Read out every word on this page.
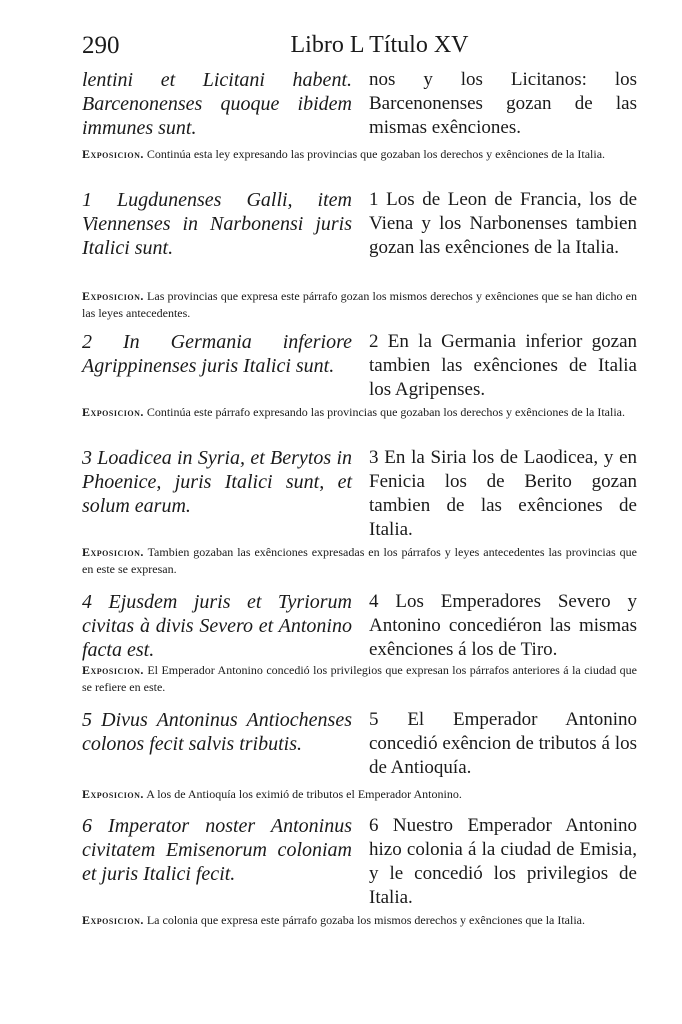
290	Libro L Título XV
lentini et Licitani habent. Barcenonenses quoque ibidem immunes sunt.
nos y los Licitanos: los Barcenonenses gozan de las mismas exênciones.
Exposicion. Continúa esta ley expresando las provincias que gozaban los derechos y exênciones de la Italia.
1 Lugdunenses Galli, item Viennenses in Narbonensi juris Italici sunt.
1 Los de Leon de Francia, los de Viena y los Narbonenses tambien gozan las exênciones de la Italia.
Exposicion. Las provincias que expresa este párrafo gozan los mismos derechos y exênciones que se han dicho en las leyes antecedentes.
2 In Germania inferiore Agrippinenses juris Italici sunt.
2 En la Germania inferior gozan tambien las exênciones de Italia los Agripenses.
Exposicion. Continúa este párrafo expresando las provincias que gozaban los derechos y exênciones de la Italia.
3 Loadicea in Syria, et Berytos in Phoenice, juris Italici sunt, et solum earum.
3 En la Siria los de Laodicea, y en Fenicia los de Berito gozan tambien de las exênciones de Italia.
Exposicion. Tambien gozaban las exênciones expresadas en los párrafos y leyes antecedentes las provincias que en este se expresan.
4 Ejusdem juris et Tyriorum civitas à divis Severo et Antonino facta est.
4 Los Emperadores Severo y Antonino concediéron las mismas exênciones á los de Tiro.
Exposicion. El Emperador Antonino concedió los privilegios que expresan los párrafos anteriores á la ciudad que se refiere en este.
5 Divus Antoninus Antiochenses colonos fecit salvis tributis.
5 El Emperador Antonino concedió exêncion de tributos á los de Antioquía.
Exposicion. A los de Antioquía los eximió de tributos el Emperador Antonino.
6 Imperator noster Antoninus civitatem Emisenorum coloniam et juris Italici fecit.
6 Nuestro Emperador Antonino hizo colonia á la ciudad de Emisia, y le concedió los privilegios de Italia.
Exposicion. La colonia que expresa este párrafo gozaba los mismos derechos y exênciones que la Italia.
